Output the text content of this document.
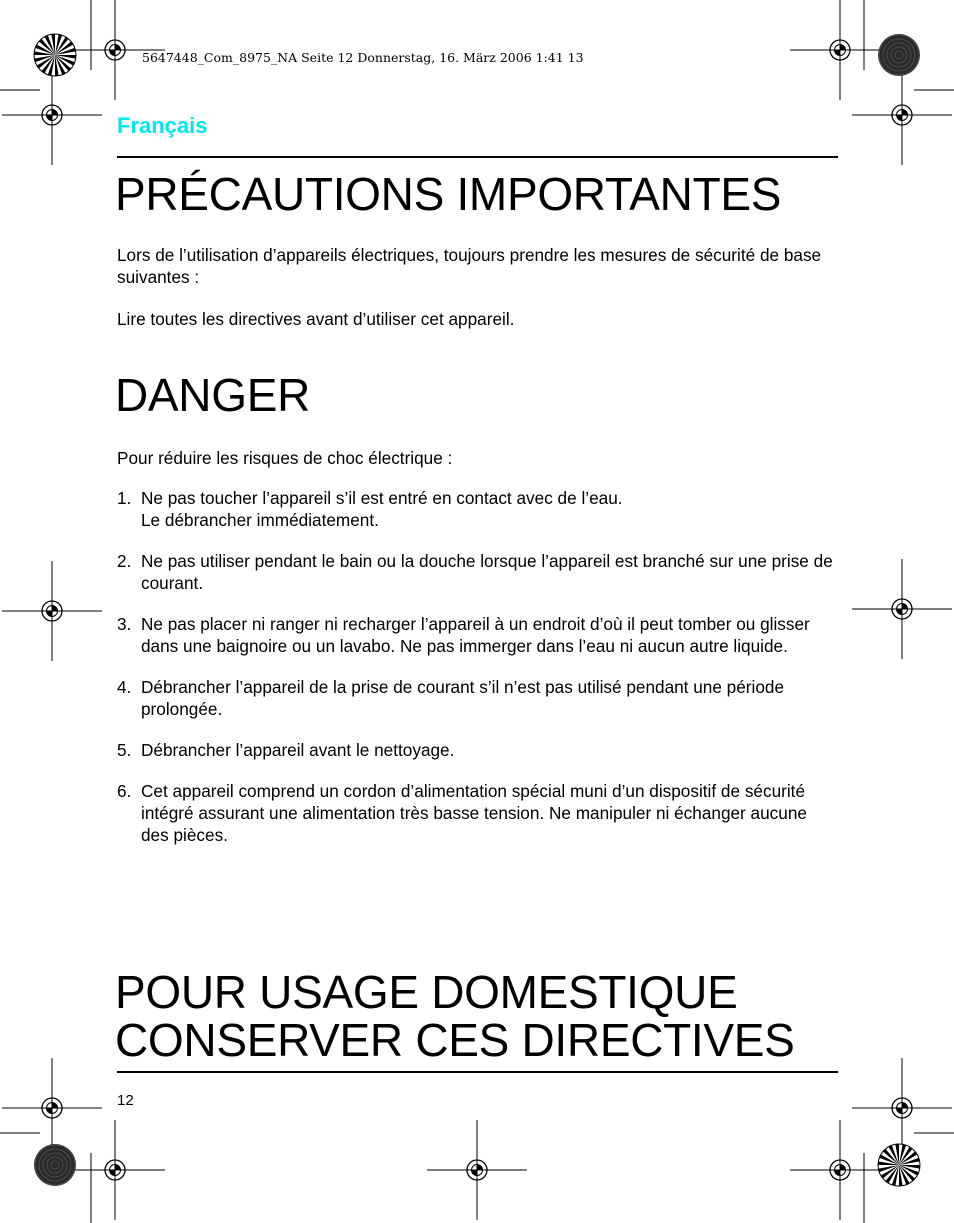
5647448_Com_8975_NA Seite 12 Donnerstag, 16. März 2006 1:41 13
Français
PRÉCAUTIONS IMPORTANTES

Lors de l’utilisation d’appareils électriques, toujours prendre les mesures de sécurité de base suivantes :

Lire toutes les directives avant d’utiliser cet appareil.

DANGER

Pour réduire les risques de choc électrique :

1. Ne pas toucher l’appareil s’il est entré en contact avec de l’eau.
Le débrancher immédiatement.
2. Ne pas utiliser pendant le bain ou la douche lorsque l’appareil est branché sur une prise de courant.
3. Ne pas placer ni ranger ni recharger l’appareil à un endroit d’où il peut tomber ou glisser dans une baignoire ou un lavabo. Ne pas immerger dans l’eau ni aucun autre liquide.
4. Débrancher l’appareil de la prise de courant s’il n’est pas utilisé pendant une période prolongée.
5. Débrancher l’appareil avant le nettoyage.
6. Cet appareil comprend un cordon d’alimentation spécial muni d’un dispositif de sécurité intégré assurant une alimentation très basse tension. Ne manipuler ni échanger aucune des pièces.
POUR USAGE DOMESTIQUE
CONSERVER CES DIRECTIVES
12
